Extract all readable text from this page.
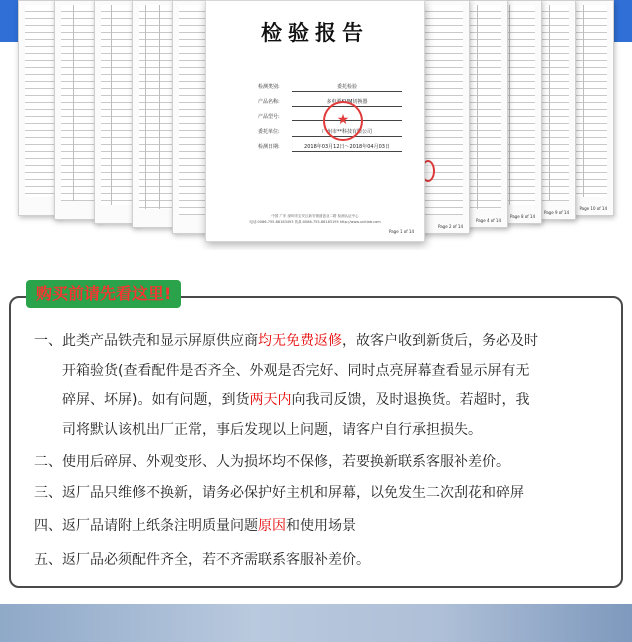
Page 10 of 14
Page 9 of 14
Page 8 of 14
Page 4 of 14
Page 2 of 14
检验报告
检测类别:	委托检验
产品名称:	多电源KVM切换器
产品型号:

委托单位:	广州市**科技有限公司
检测日期:	2018年03月12日～2018年04月03日
★
中国 广东 深圳市宝安区新安街道创业二路 检测认证中心
电话:0086-755-86183493 传真:0086-755-86183195 http://www.unitlab.com
Page 1 of 14
购买前请先看这里!
一、此类产品铁壳和显示屏原供应商均无免费返修，故客户收到新货后，务必及时
开箱验货(查看配件是否齐全、外观是否完好、同时点亮屏幕查看显示屏有无
碎屏、坏屏)。如有问题，到货两天内向我司反馈，及时退换货。若超时，我
司将默认该机出厂正常，事后发现以上问题，请客户自行承担损失。
二、使用后碎屏、外观变形、人为损坏均不保修，若要换新联系客服补差价。
三、返厂品只维修不换新，请务必保护好主机和屏幕，以免发生二次刮花和碎屏
四、返厂品请附上纸条注明质量问题原因和使用场景
五、返厂品必须配件齐全，若不齐需联系客服补差价。
